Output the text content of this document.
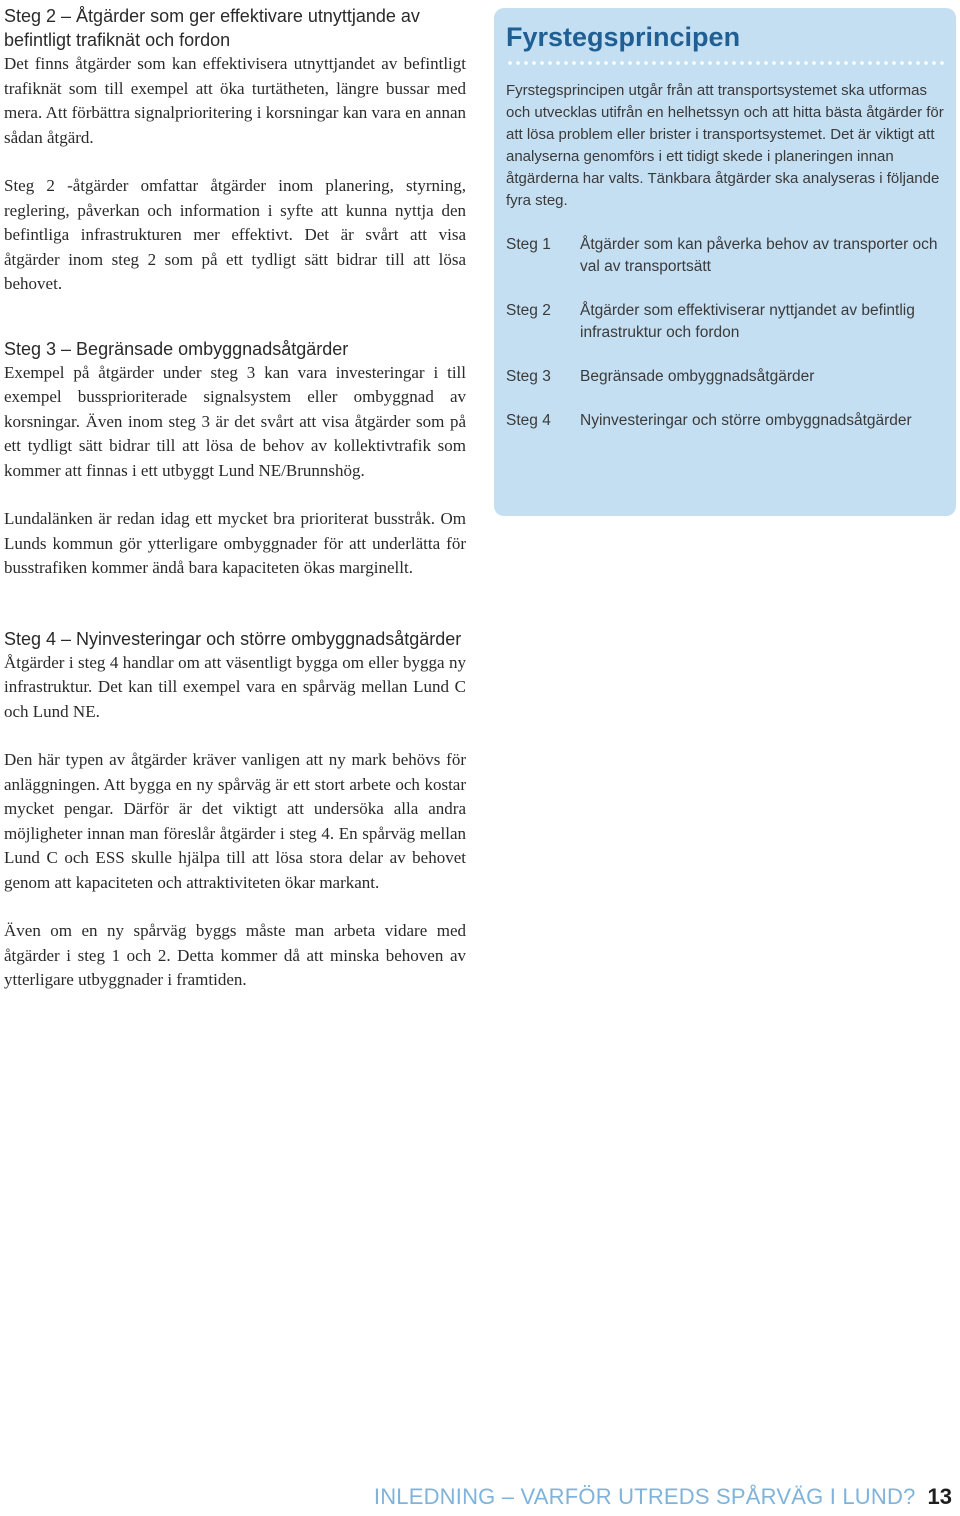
Steg 2 – Åtgärder som ger effektivare utnyttjande av befintligt trafiknät och fordon

Det finns åtgärder som kan effektivisera utnyttjandet av befintligt trafiknät som till exempel att öka turtätheten, längre bussar med mera. Att förbättra signalprioritering i korsningar kan vara en annan sådan åtgärd.

Steg 2 -åtgärder omfattar åtgärder inom planering, styrning, reglering, påverkan och information i syfte att kunna nyttja den befintliga infrastrukturen mer effektivt. Det är svårt att visa åtgärder inom steg 2 som på ett tydligt sätt bidrar till att lösa behovet.

Steg 3 – Begränsade ombyggnadsåtgärder

Exempel på åtgärder under steg 3 kan vara investeringar i till exempel bussprioriterade signalsystem eller ombyggnad av korsningar. Även inom steg 3 är det svårt att visa åtgärder som på ett tydligt sätt bidrar till att lösa de behov av kollektivtrafik som kommer att finnas i ett utbyggt Lund NE/Brunnshög.

Lundalänken är redan idag ett mycket bra prioriterat busstråk. Om Lunds kommun gör ytterligare ombyggnader för att underlätta för busstrafiken kommer ändå bara kapaciteten ökas marginellt.

Steg 4 – Nyinvesteringar och större ombyggnadsåtgärder

Åtgärder i steg 4 handlar om att väsentligt bygga om eller bygga ny infrastruktur. Det kan till exempel vara en spårväg mellan Lund C och Lund NE.

Den här typen av åtgärder kräver vanligen att ny mark behövs för anläggningen. Att bygga en ny spårväg är ett stort arbete och kostar mycket pengar. Därför är det viktigt att undersöka alla andra möjligheter innan man föreslår åtgärder i steg 4. En spårväg mellan Lund C och ESS skulle hjälpa till att lösa stora delar av behovet genom att kapaciteten och attraktiviteten ökar markant.

Även om en ny spårväg byggs måste man arbeta vidare med åtgärder i steg 1 och 2. Detta kommer då att minska behoven av ytterligare utbyggnader i framtiden.

Fyrstegsprincipen

Fyrstegsprincipen utgår från att transportsystemet ska utformas och utvecklas utifrån en helhetssyn och att hitta bästa åtgärder för att lösa problem eller brister i transportsystemet. Det är viktigt att analyserna genomförs i ett tidigt skede i planeringen innan åtgärderna har valts. Tänkbara åtgärder ska analyseras i följande fyra steg.

Steg 1	Åtgärder som kan påverka behov av transporter och val av transportsätt
Steg 2	Åtgärder som effektiviserar nyttjandet av befintlig infrastruktur och fordon
Steg 3	Begränsade ombyggnadsåtgärder
Steg 4	Nyinvesteringar och större ombyggnadsåtgärder
INLEDNING – VARFÖR UTREDS SPÅRVÄG I LUND? 13
